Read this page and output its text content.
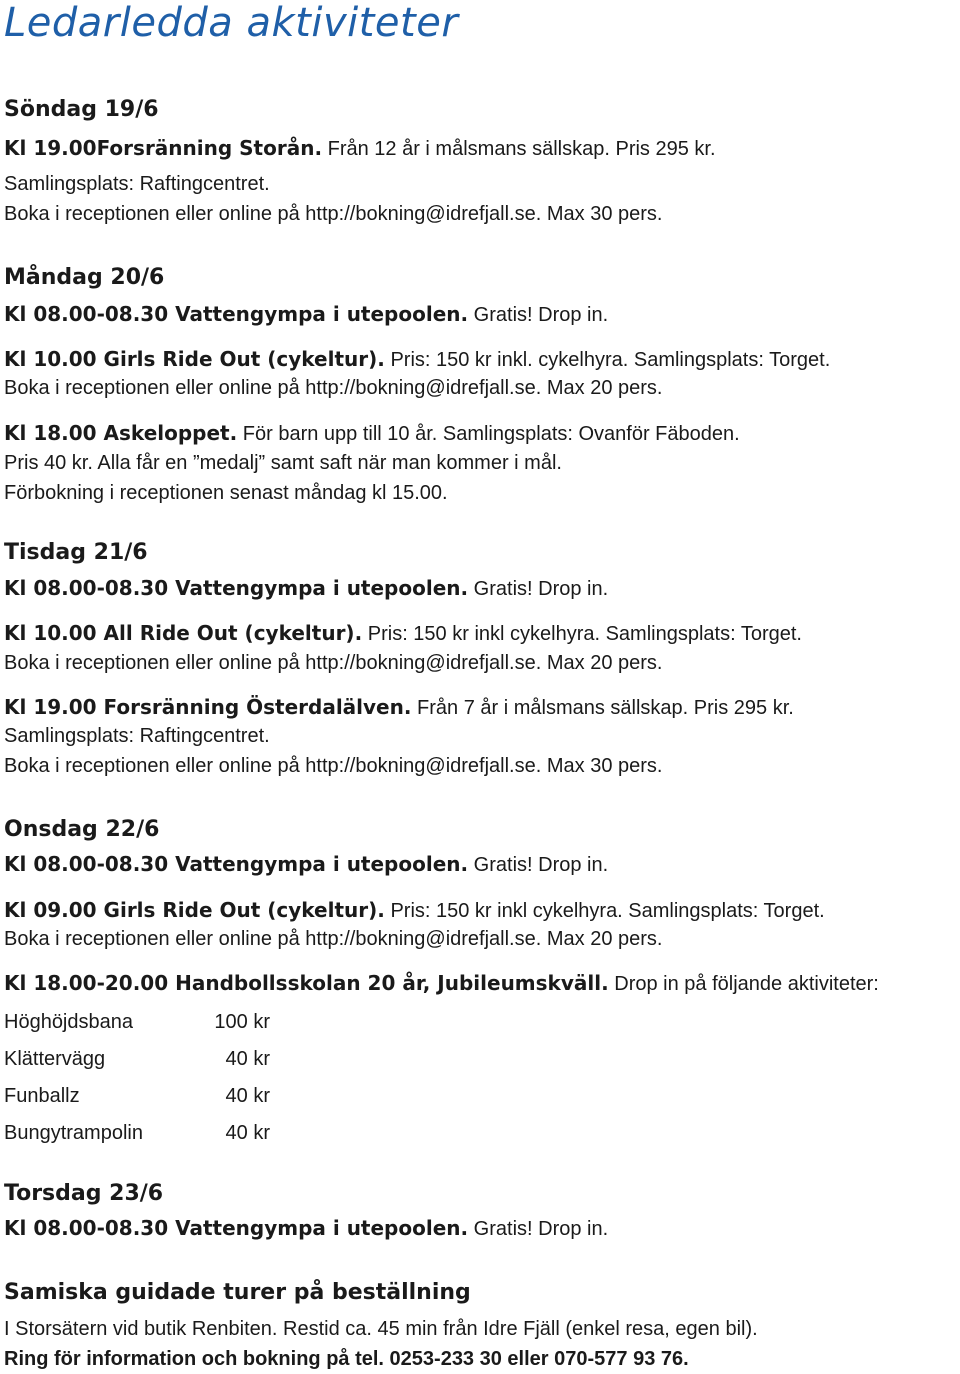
Ledarledda aktiviteter
Söndag 19/6
Kl 19.00Forsränning Storån. Från 12 år i målsmans sällskap. Pris 295 kr.
Samlingsplats: Raftingcentret.
Boka i receptionen eller online på http://bokning@idrefjall.se. Max 30 pers.
Måndag 20/6
Kl 08.00-08.30 Vattengympa i utepoolen. Gratis! Drop in.
Kl 10.00 Girls Ride Out (cykeltur). Pris: 150 kr inkl. cykelhyra. Samlingsplats: Torget.
Boka i receptionen eller online på http://bokning@idrefjall.se. Max 20 pers.
Kl 18.00 Askeloppet. För barn upp till 10 år. Samlingsplats: Ovanför Fäboden.
Pris 40 kr. Alla får en ”medalj” samt saft när man kommer i mål.
Förbokning i receptionen senast måndag kl 15.00.
Tisdag 21/6
Kl 08.00-08.30 Vattengympa i utepoolen. Gratis! Drop in.
Kl 10.00 All Ride Out (cykeltur). Pris: 150 kr inkl cykelhyra. Samlingsplats: Torget.
Boka i receptionen eller online på http://bokning@idrefjall.se. Max 20 pers.
Kl 19.00 Forsränning Österdalälven. Från 7 år i målsmans sällskap. Pris 295 kr.
Samlingsplats: Raftingcentret.
Boka i receptionen eller online på http://bokning@idrefjall.se. Max 30 pers.
Onsdag 22/6
Kl 08.00-08.30 Vattengympa i utepoolen. Gratis! Drop in.
Kl 09.00 Girls Ride Out (cykeltur). Pris: 150 kr inkl cykelhyra. Samlingsplats: Torget.
Boka i receptionen eller online på http://bokning@idrefjall.se. Max 20 pers.
Kl 18.00-20.00 Handbollsskolan 20 år, Jubileumskväll. Drop in på följande aktiviteter:
Höghöjdsbana	100 kr
Klättervägg	40 kr
Funballz	40 kr
Bungytrampolin	40 kr
Torsdag 23/6
Kl 08.00-08.30 Vattengympa i utepoolen. Gratis! Drop in.
Samiska guidade turer på beställning
I Storsätern vid butik Renbiten. Restid ca. 45 min från Idre Fjäll (enkel resa, egen bil).
Ring för information och bokning på tel. 0253-233 30 eller 070-577 93 76.
